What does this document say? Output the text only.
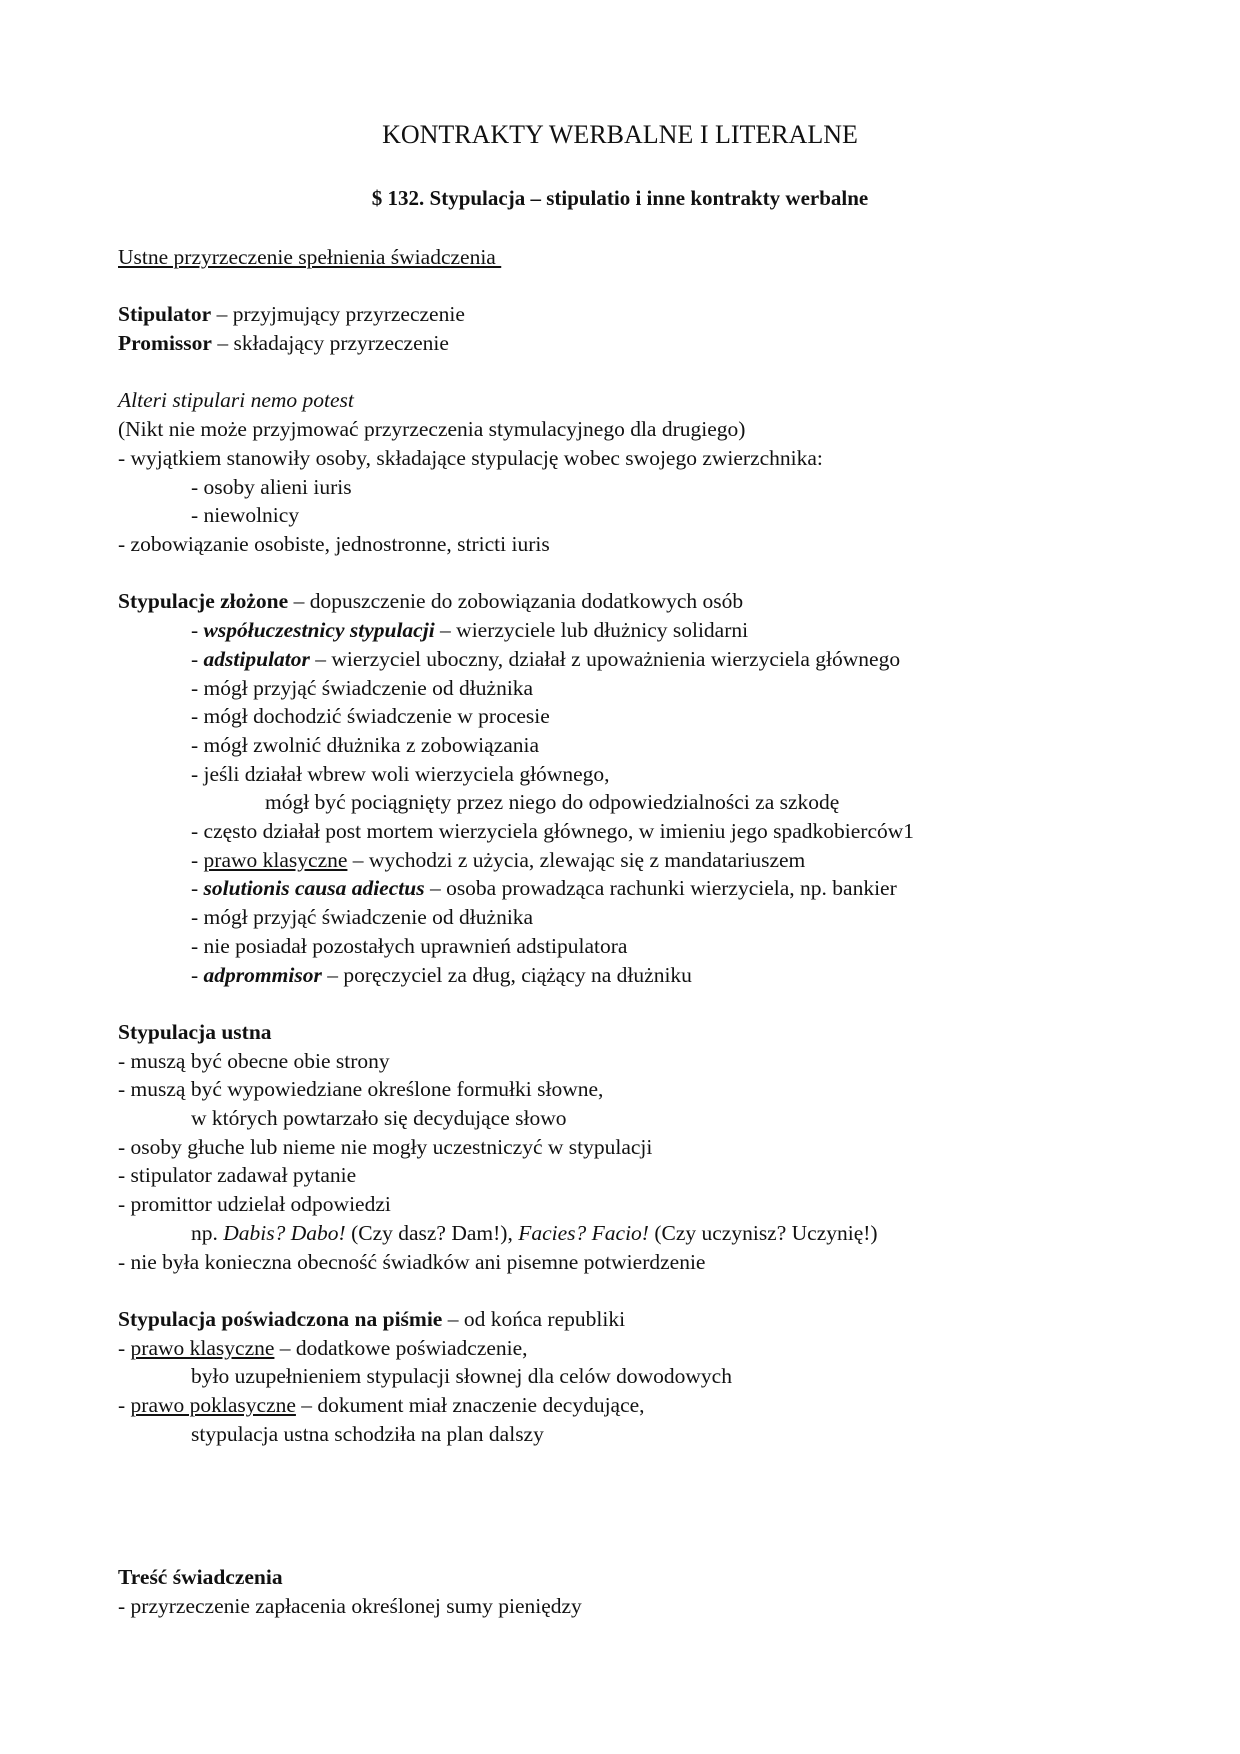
KONTRAKTY WERBALNE I LITERALNE
$ 132. Stypulacja – stipulatio i inne kontrakty werbalne
Ustne przyrzeczenie spełnienia świadczenia
Stipulator – przyjmujący przyrzeczenie
Promissor – składający przyrzeczenie
Alteri stipulari nemo potest
(Nikt nie może przyjmować przyrzeczenia stymulacyjnego dla drugiego)
- wyjątkiem stanowiły osoby, składające stypulację wobec swojego zwierzchnika:
- osoby alieni iuris
- niewolnicy
- zobowiązanie osobiste, jednostronne, stricti iuris
Stypulacje złożone – dopuszczenie do zobowiązania dodatkowych osób
- współuczestnicy stypulacji – wierzyciele lub dłużnicy solidarni
- adstipulator – wierzyciel uboczny, działał z upoważnienia wierzyciela głównego
- mógł przyjąć świadczenie od dłużnika
- mógł dochodzić świadczenie w procesie
- mógł zwolnić dłużnika z zobowiązania
- jeśli działał wbrew woli wierzyciela głównego,
mógł być pociągnięty przez niego do odpowiedzialności za szkodę
- często działał post mortem wierzyciela głównego, w imieniu jego spadkobierców1
- prawo klasyczne – wychodzi z użycia, zlewając się z mandatariuszem
- solutionis causa adiectus – osoba prowadząca rachunki wierzyciela, np. bankier
- mógł przyjąć świadczenie od dłużnika
- nie posiadał pozostałych uprawnień adstipulatora
- adprommisor – poręczyciel za dług, ciążący na dłużniku
Stypulacja ustna
- muszą być obecne obie strony
- muszą być wypowiedziane określone formułki słowne,
w których powtarzało się decydujące słowo
- osoby głuche lub nieme nie mogły uczestniczyć w stypulacji
- stipulator zadawał pytanie
- promittor udzielał odpowiedzi
np. Dabis? Dabo! (Czy dasz? Dam!), Facies? Facio! (Czy uczynisz? Uczynię!)
- nie była konieczna obecność świadków ani pisemne potwierdzenie
Stypulacja poświadczona na piśmie – od końca republiki
- prawo klasyczne – dodatkowe poświadczenie,
było uzupełnieniem stypulacji słownej dla celów dowodowych
- prawo poklasyczne – dokument miał znaczenie decydujące,
stypulacja ustna schodziła na plan dalszy
Treść świadczenia
- przyrzeczenie zapłacenia określonej sumy pieniędzy
